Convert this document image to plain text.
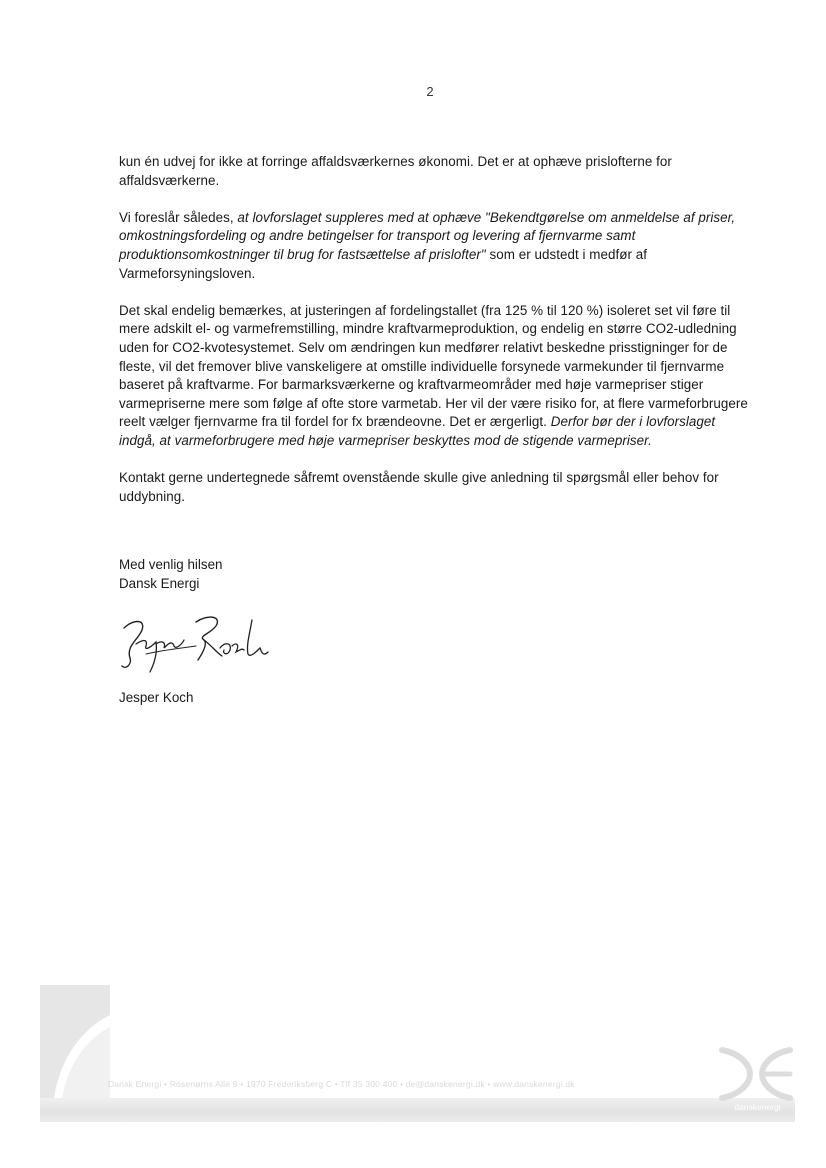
2

kun én udvej for ikke at forringe affaldsværkernes økonomi. Det er at ophæve prislofterne for affaldsværkerne.

Vi foreslår således, at lovforslaget suppleres med at ophæve "Bekendtgørelse om anmeldelse af priser, omkostningsfordeling og andre betingelser for transport og levering af fjernvarme samt produktionsomkostninger til brug for fastsættelse af prislofter" som er udstedt i medfør af Varmeforsyningsloven.

Det skal endelig bemærkes, at justeringen af fordelingstallet (fra 125 % til 120 %) isoleret set vil føre til mere adskilt el- og varmefremstilling, mindre kraftvarmeproduktion, og endelig en større CO2-udledning uden for CO2-kvotesystemet. Selv om ændringen kun medfører relativt beskedne prisstigninger for de fleste, vil det fremover blive vanskeligere at omstille individuelle forsynede varmekunder til fjernvarme baseret på kraftvarme. For barmarksværkerne og kraftvarmeområder med høje varmepriser stiger varmepriserne mere som følge af ofte store varmetab. Her vil der være risiko for, at flere varmeforbrugere reelt vælger fjernvarme fra til fordel for fx brændeovne. Det er ærgerligt. Derfor bør der i lovforslaget indgå, at varmeforbrugere med høje varmepriser beskyttes mod de stigende varmepriser.

Kontakt gerne undertegnede såfremt ovenstående skulle give anledning til spørgsmål eller behov for uddybning.

Med venlig hilsen
Dansk Energi
Jesper Koch
Dansk Energi • Rosenørns Allé 9 • 1970 Frederiksberg C • Tlf 35 300 400 • de@danskenergi.dk • www.danskenergi.dk
danskenergi
